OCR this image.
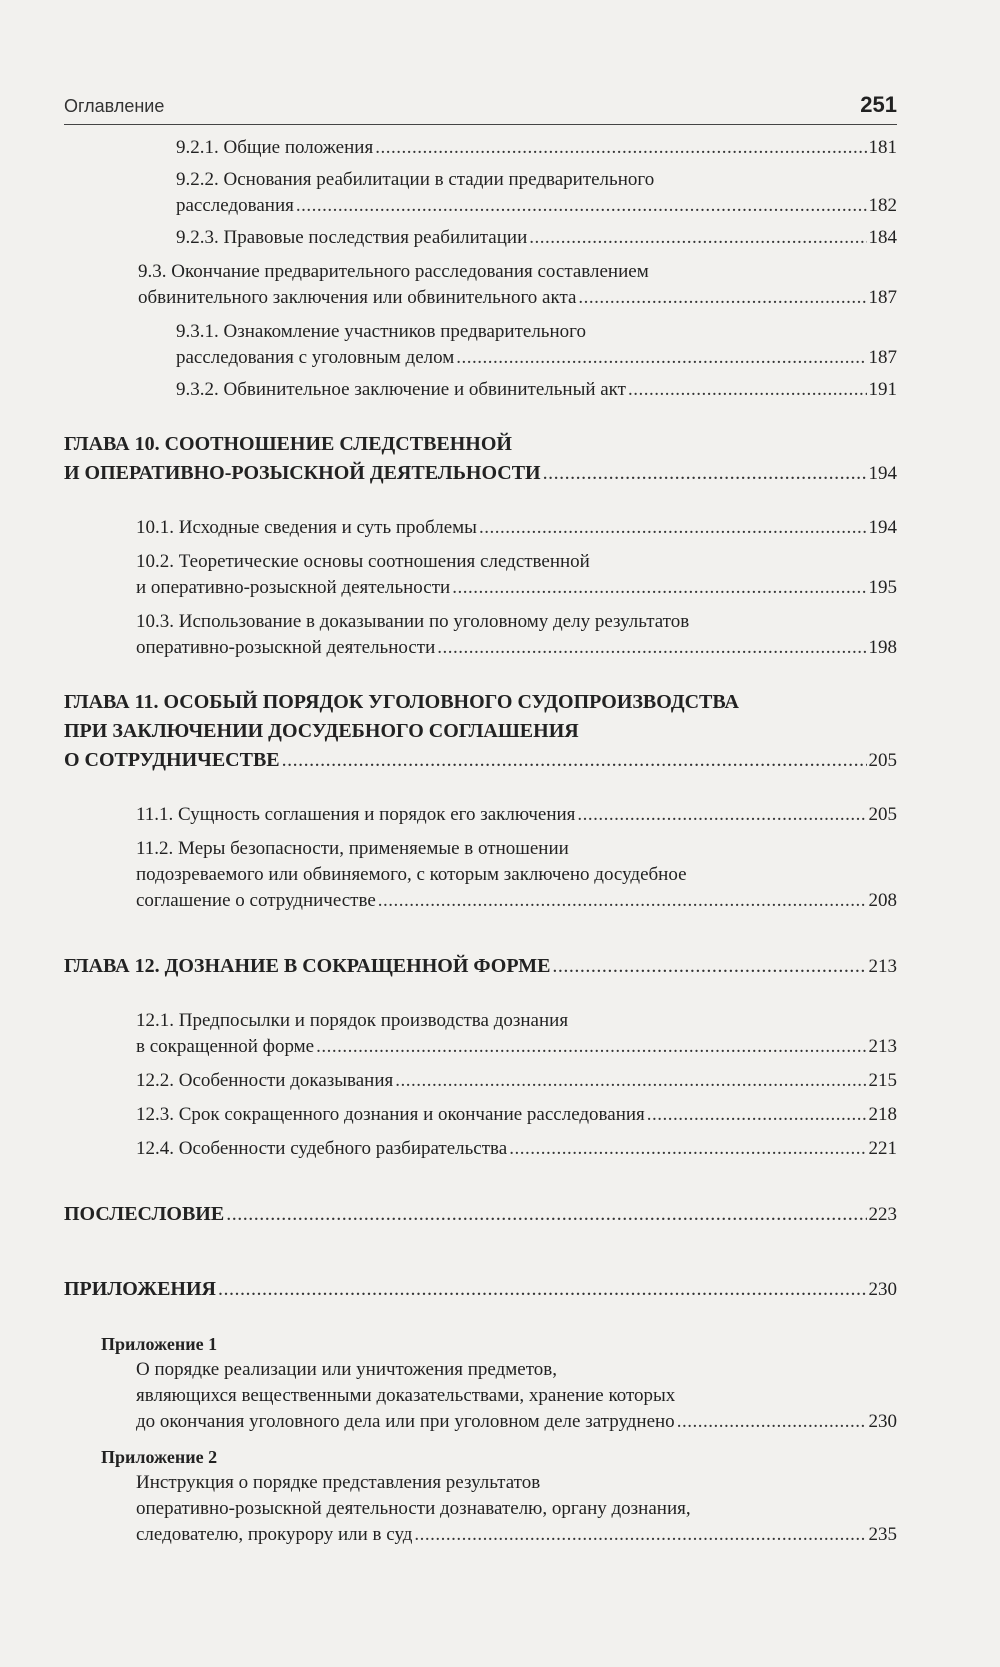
Оглавление	251
9.2.1. Общие положения .....	181
9.2.2. Основания реабилитации в стадии предварительного
расследования .....	182
9.2.3. Правовые последствия реабилитации .....	184
9.3. Окончание предварительного расследования составлением
обвинительного заключения или обвинительного акта .....	187
9.3.1. Ознакомление участников предварительного
расследования с уголовным делом .....	187
9.3.2. Обвинительное заключение и обвинительный акт .....	191
ГЛАВА 10. СООТНОШЕНИЕ СЛЕДСТВЕННОЙ
И ОПЕРАТИВНО-РОЗЫСКНОЙ ДЕЯТЕЛЬНОСТИ .....	194
10.1. Исходные сведения и суть проблемы .....	194
10.2. Теоретические основы соотношения следственной
и оперативно-розыскной деятельности .....	195
10.3. Использование в доказывании по уголовному делу результатов
оперативно-розыскной деятельности .....	198
ГЛАВА 11. ОСОБЫЙ ПОРЯДОК УГОЛОВНОГО СУДОПРОИЗВОДСТВА
ПРИ ЗАКЛЮЧЕНИИ ДОСУДЕБНОГО СОГЛАШЕНИЯ
О СОТРУДНИЧЕСТВЕ .....	205
11.1. Сущность соглашения и порядок его заключения .....	205
11.2. Меры безопасности, применяемые в отношении
подозреваемого или обвиняемого, с которым заключено досудебное
соглашение о сотрудничестве .....	208
ГЛАВА 12. ДОЗНАНИЕ В СОКРАЩЕННОЙ ФОРМЕ .....	213
12.1. Предпосылки и порядок производства дознания
в сокращенной форме .....	213
12.2. Особенности доказывания .....	215
12.3. Срок сокращенного дознания и окончание расследования .....	218
12.4. Особенности судебного разбирательства .....	221
ПОСЛЕСЛОВИЕ .....	223
ПРИЛОЖЕНИЯ .....	230
Приложение 1
О порядке реализации или уничтожения предметов,
являющихся вещественными доказательствами, хранение которых
до окончания уголовного дела или при уголовном деле затруднено .....	230
Приложение 2
Инструкция о порядке представления результатов
оперативно-розыскной деятельности дознавателю, органу дознания,
следователю, прокурору или в суд .....	235
